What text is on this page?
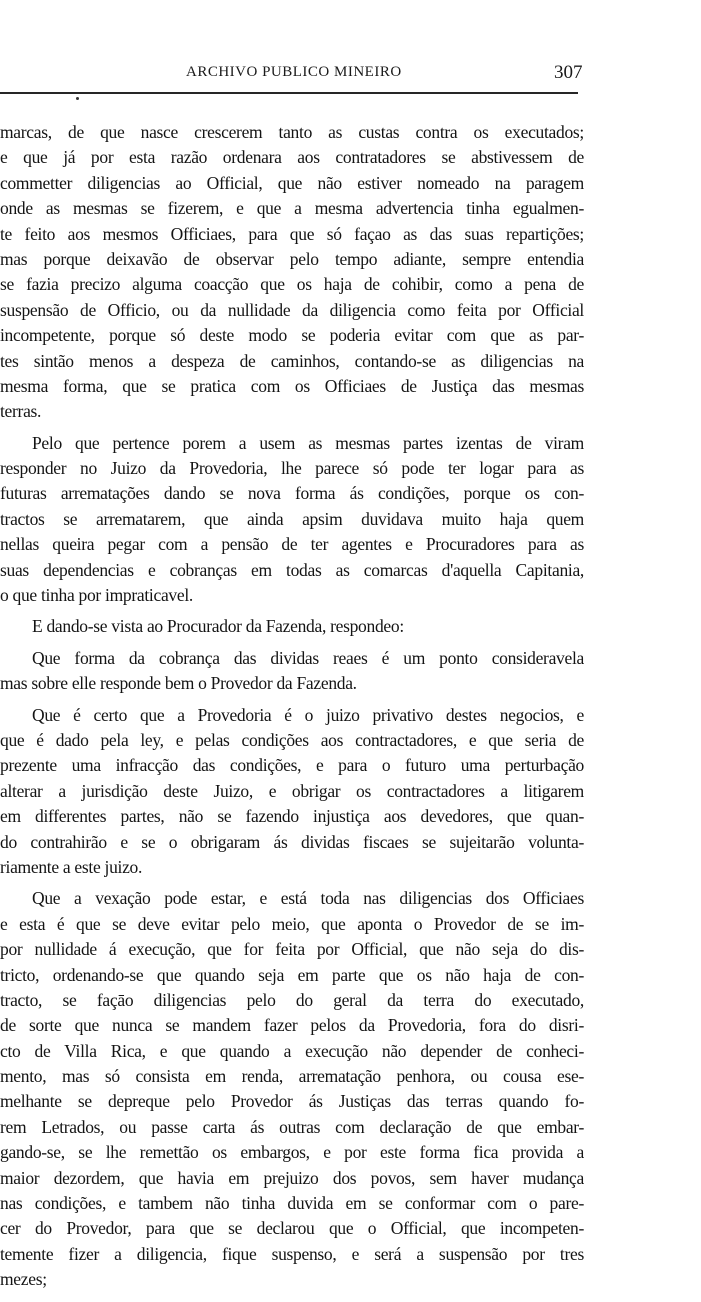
ARCHIVO PUBLICO MINEIRO	307
marcas, de que nasce crescerem tanto as custas contra os executados;
e que já por esta razão ordenara aos contratadores se abstivessem de
commetter diligencias ao Official, que não estiver nomeado na paragem
onde as mesmas se fizerem, e que a mesma advertencia tinha egualmen-
te feito aos mesmos Officiaes, para que só façao as das suas repartições;
mas porque deixavão de observar pelo tempo adiante, sempre entendia
se fazia precizo alguma coacção que os haja de cohibir, como a pena de
suspensão de Officio, ou da nullidade da diligencia como feita por Official
incompetente, porque só deste modo se poderia evitar com que as par-
tes sintão menos a despeza de caminhos, contando-se as diligencias na
mesma forma, que se pratica com os Officiaes de Justiça das mesmas
terras.
Pelo que pertence porem a usem as mesmas partes izentas de viram
responder no Juizo da Provedoria, lhe parece só pode ter logar para as
futuras arrematações dando se nova forma ás condições, porque os con-
tractos se arrematarem, que ainda apsim duvidava muito haja quem
nellas queira pegar com a pensão de ter agentes e Procuradores para as
suas dependencias e cobranças em todas as comarcas d'aquella Capitania,
o que tinha por impraticavel.
E dando-se vista ao Procurador da Fazenda, respondeo:
Que forma da cobrança das dividas reaes é um ponto consideravela
mas sobre elle responde bem o Provedor da Fazenda.
Que é certo que a Provedoria é o juizo privativo destes negocios, e
que é dado pela ley, e pelas condições aos contractadores, e que seria de
prezente uma infracção das condições, e para o futuro uma perturbação
alterar a jurisdição deste Juizo, e obrigar os contractadores a litigarem
em differentes partes, não se fazendo injustiça aos devedores, que quan-
do contrahirão e se o obrigaram ás dividas fiscaes se sujeitarão volunta-
riamente a este juizo.
Que a vexação pode estar, e está toda nas diligencias dos Officiaes
e esta é que se deve evitar pelo meio, que aponta o Provedor de se im-
por nullidade á execução, que for feita por Official, que não seja do dis-
tricto, ordenando-se que quando seja em parte que os não haja de con-
tracto, se façāo diligencias pelo do geral da terra do executado,
de sorte que nunca se mandem fazer pelos da Provedoria, fora do disri-
cto de Villa Rica, e que quando a execução não depender de conheci-
mento, mas só consista em renda, arrematação penhora, ou cousa ese-
melhante se depreque pelo Provedor ás Justiças das terras quando fo-
rem Letrados, ou passe carta ás outras com declaração de que embar-
gando-se, se lhe remettão os embargos, e por este forma fica provida a
maior dezordem, que havia em prejuizo dos povos, sem haver mudança
nas condições, e tambem não tinha duvida em se conformar com o pare-
cer do Provedor, para que se declarou que o Official, que incompeten-
temente fizer a diligencia, fique suspenso, e será a suspensão por tres
mezes;
